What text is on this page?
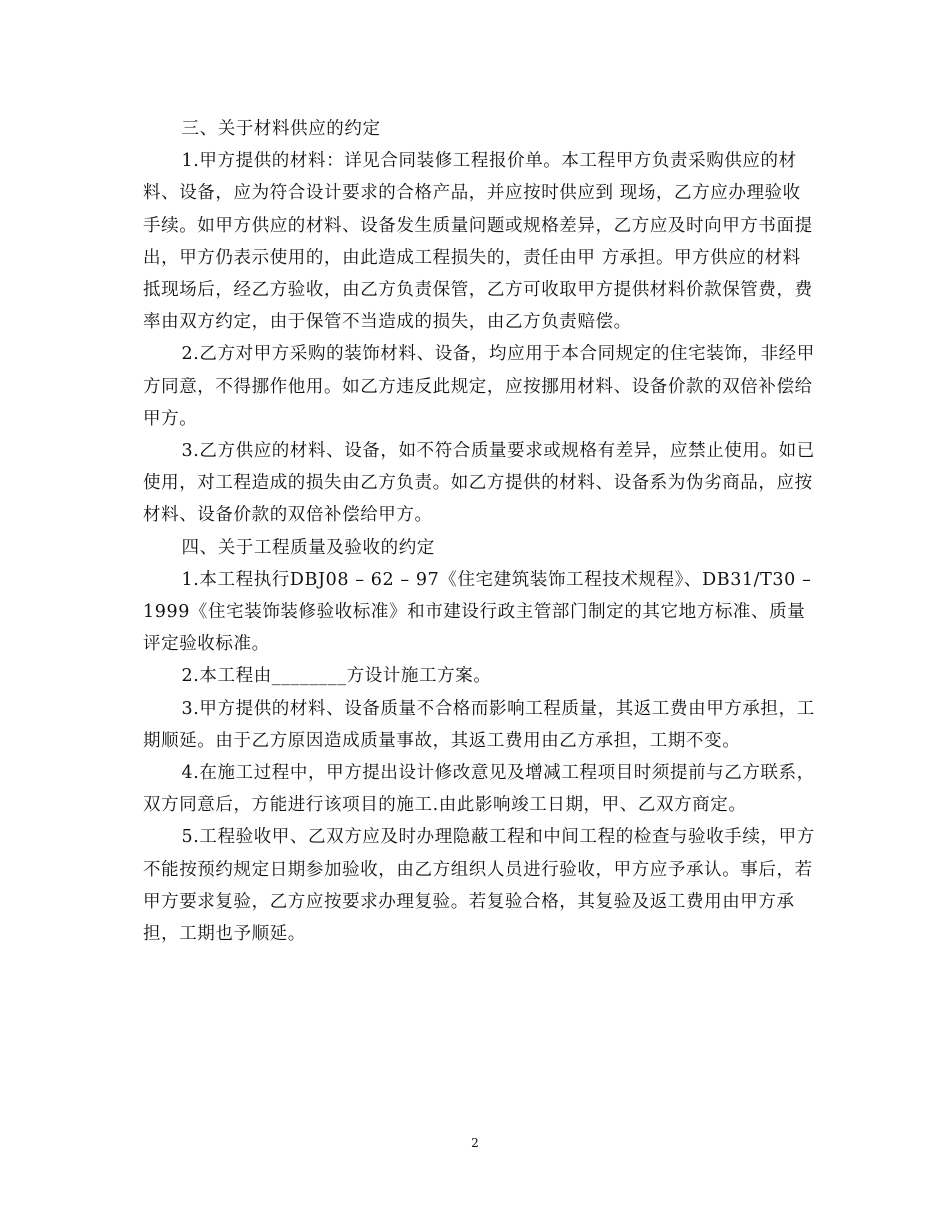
三、关于材料供应的约定

1.甲方提供的材料：详见合同装修工程报价单。本工程甲方负责采购供应的材料、设备，应为符合设计要求的合格产品，并应按时供应到 现场，乙方应办理验收手续。如甲方供应的材料、设备发生质量问题或规格差异，乙方应及时向甲方书面提出，甲方仍表示使用的，由此造成工程损失的，责任由甲 方承担。甲方供应的材料抵现场后，经乙方验收，由乙方负责保管，乙方可收取甲方提供材料价款保管费，费率由双方约定，由于保管不当造成的损失，由乙方负责赔偿。

2.乙方对甲方采购的装饰材料、设备，均应用于本合同规定的住宅装饰，非经甲方同意，不得挪作他用。如乙方违反此规定，应按挪用材料、设备价款的双倍补偿给甲方。

3.乙方供应的材料、设备，如不符合质量要求或规格有差异，应禁止使用。如已使用，对工程造成的损失由乙方负责。如乙方提供的材料、设备系为伪劣商品，应按材料、设备价款的双倍补偿给甲方。

四、关于工程质量及验收的约定

1.本工程执行DBJ08 – 62 – 97《住宅建筑装饰工程技术规程》、DB31/T30 –1999《住宅装饰装修验收标准》和市建设行政主管部门制定的其它地方标准、质量评定验收标准。

2.本工程由________方设计施工方案。

3.甲方提供的材料、设备质量不合格而影响工程质量，其返工费由甲方承担，工期顺延。由于乙方原因造成质量事故，其返工费用由乙方承担，工期不变。

4.在施工过程中，甲方提出设计修改意见及增减工程项目时须提前与乙方联系，双方同意后，方能进行该项目的施工.由此影响竣工日期，甲、乙双方商定。

5.工程验收甲、乙双方应及时办理隐蔽工程和中间工程的检查与验收手续，甲方不能按预约规定日期参加验收，由乙方组织人员进行验收，甲方应予承认。事后，若甲方要求复验，乙方应按要求办理复验。若复验合格，其复验及返工费用由甲方承担，工期也予顺延。

2
